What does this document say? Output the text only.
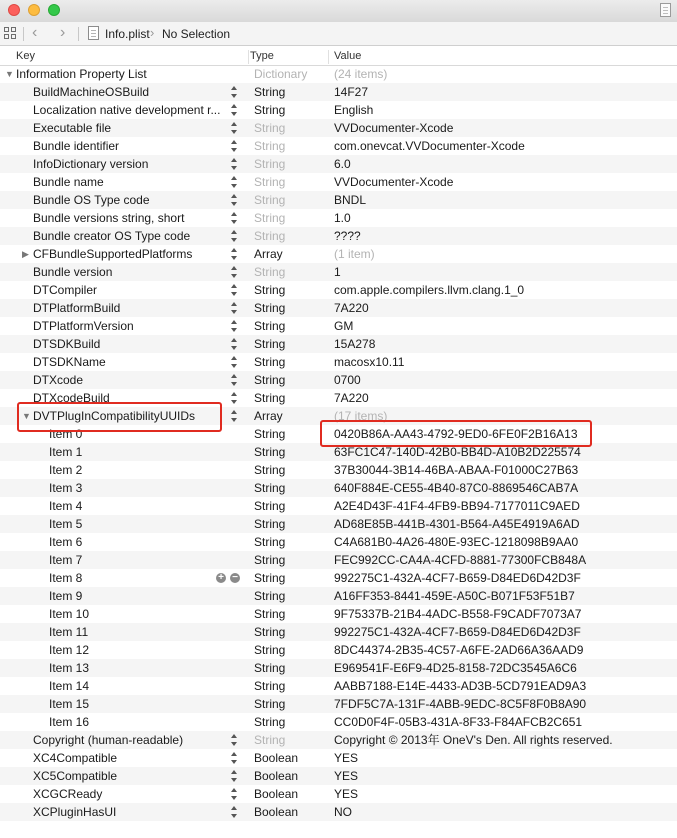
‹ ›	Info.plist › No Selection
Key	Type	Value
▼ Information Property List	Dictionary	(24 items)
BuildMachineOSBuild	String	14F27
Localization native development r...	String	English
Executable file	String	VVDocumenter-Xcode
Bundle identifier	String	com.onevcat.VVDocumenter-Xcode
InfoDictionary version	String	6.0
Bundle name	String	VVDocumenter-Xcode
Bundle OS Type code	String	BNDL
Bundle versions string, short	String	1.0
Bundle creator OS Type code	String	????
▶ CFBundleSupportedPlatforms	Array	(1 item)
Bundle version	String	1
DTCompiler	String	com.apple.compilers.llvm.clang.1_0
DTPlatformBuild	String	7A220
DTPlatformVersion	String	GM
DTSDKBuild	String	15A278
DTSDKName	String	macosx10.11
DTXcode	String	0700
DTXcodeBuild	String	7A220
▼ DVTPlugInCompatibilityUUIDs	Array	(17 items)
Item 0	String	0420B86A-AA43-4792-9ED0-6FE0F2B16A13
Item 1	String	63FC1C47-140D-42B0-BB4D-A10B2D225574
Item 2	String	37B30044-3B14-46BA-ABAA-F01000C27B63
Item 3	String	640F884E-CE55-4B40-87C0-8869546CAB7A
Item 4	String	A2E4D43F-41F4-4FB9-BB94-7177011C9AED
Item 5	String	AD68E85B-441B-4301-B564-A45E4919A6AD
Item 6	String	C4A681B0-4A26-480E-93EC-1218098B9AA0
Item 7	String	FEC992CC-CA4A-4CFD-8881-77300FCB848A
Item 8	+ − String	992275C1-432A-4CF7-B659-D84ED6D42D3F
Item 9	String	A16FF353-8441-459E-A50C-B071F53F51B7
Item 10	String	9F75337B-21B4-4ADC-B558-F9CADF7073A7
Item 11	String	992275C1-432A-4CF7-B659-D84ED6D42D3F
Item 12	String	8DC44374-2B35-4C57-A6FE-2AD66A36AAD9
Item 13	String	E969541F-E6F9-4D25-8158-72DC3545A6C6
Item 14	String	AABB7188-E14E-4433-AD3B-5CD791EAD9A3
Item 15	String	7FDF5C7A-131F-4ABB-9EDC-8C5F8F0B8A90
Item 16	String	CC0D0F4F-05B3-431A-8F33-F84AFCB2C651
Copyright (human-readable)	String	Copyright © 2013年 OneV's Den. All rights reserved.
XC4Compatible	Boolean	YES
XC5Compatible	Boolean	YES
XCGCReady	Boolean	YES
XCPluginHasUI	Boolean	NO
